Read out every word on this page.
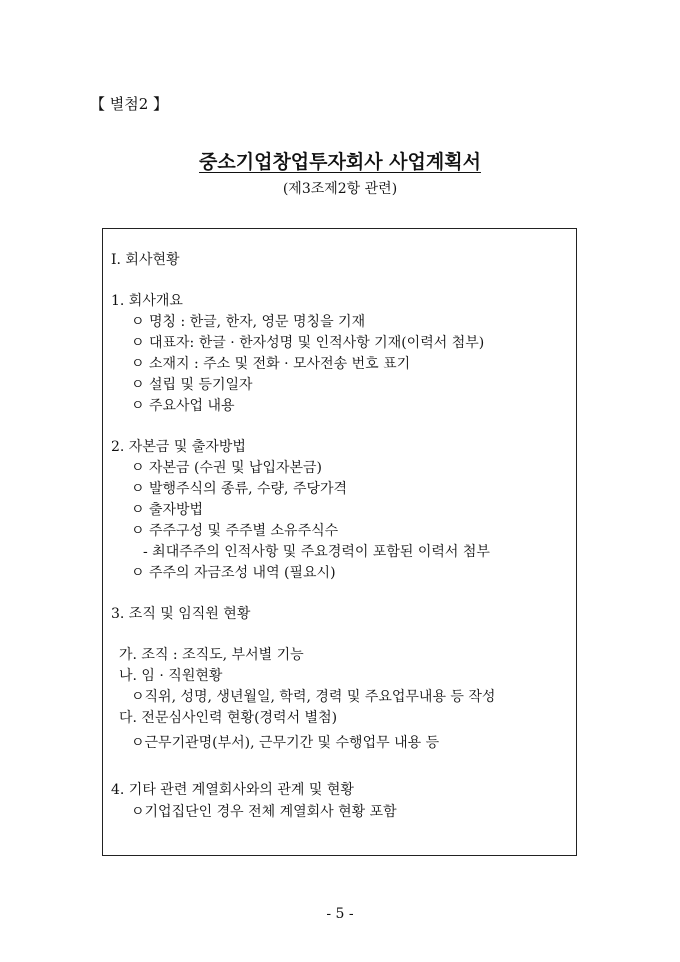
【 별첨2 】
중소기업창업투자회사 사업계획서
(제3조제2항 관련)
Ⅰ. 회사현황
1. 회사개요
ㅇ 명칭 : 한글, 한자, 영문 명칭을 기재
ㅇ 대표자: 한글 · 한자성명 및 인적사항 기재(이력서 첨부)
ㅇ 소재지 : 주소 및 전화 · 모사전송 번호 표기
ㅇ 설립 및 등기일자
ㅇ 주요사업 내용
2. 자본금 및 출자방법
ㅇ 자본금 (수권 및 납입자본금)
ㅇ 발행주식의 종류, 수량, 주당가격
ㅇ 출자방법
ㅇ 주주구성 및 주주별 소유주식수
- 최대주주의 인적사항 및 주요경력이 포함된 이력서 첨부
ㅇ 주주의 자금조성 내역 (필요시)
3. 조직 및 임직원 현황
가. 조직 : 조직도, 부서별 기능
나. 임 · 직원현황
ㅇ직위, 성명, 생년월일, 학력, 경력 및 주요업무내용 등 작성
다. 전문심사인력 현황(경력서 별첨)
ㅇ근무기관명(부서), 근무기간 및 수행업무 내용 등
4. 기타 관련 계열회사와의 관계 및 현황
ㅇ기업집단인 경우 전체 계열회사 현황 포함
- 5 -
